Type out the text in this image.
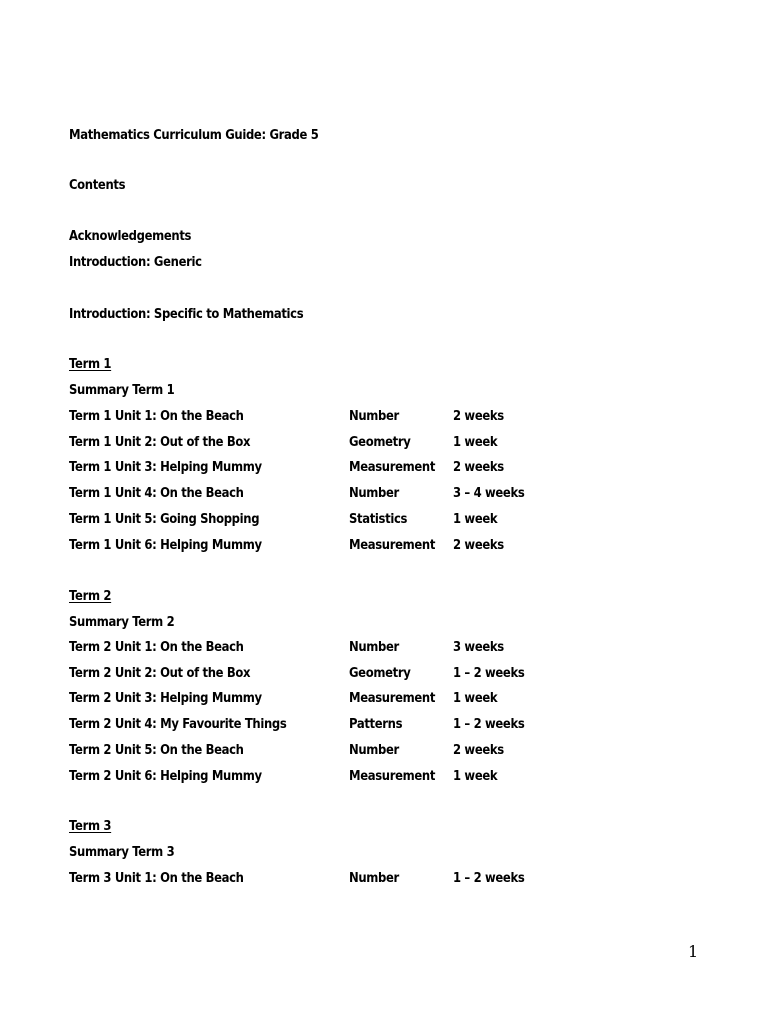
Mathematics Curriculum Guide: Grade 5
Contents
Acknowledgements
Introduction: Generic
Introduction: Specific to Mathematics
Term 1
Summary Term 1
Term 1 Unit 1: On the Beach	Number	2 weeks
Term 1 Unit 2: Out of the Box	Geometry	1 week
Term 1 Unit 3: Helping Mummy	Measurement 2 weeks
Term 1 Unit 4: On the Beach	Number	3 – 4 weeks
Term 1 Unit 5: Going Shopping	Statistics	1 week
Term 1 Unit 6: Helping Mummy	Measurement 2 weeks
Term 2
Summary Term 2
Term 2 Unit 1: On the Beach	Number	3 weeks
Term 2 Unit 2: Out of the Box	Geometry	1 – 2 weeks
Term 2 Unit 3: Helping Mummy	Measurement 1 week
Term 2 Unit 4: My Favourite Things	Patterns	1 – 2 weeks
Term 2 Unit 5: On the Beach	Number	2 weeks
Term 2 Unit 6: Helping Mummy	Measurement 1 week
Term 3
Summary Term 3
Term 3 Unit 1: On the Beach	Number	1 – 2 weeks
1
